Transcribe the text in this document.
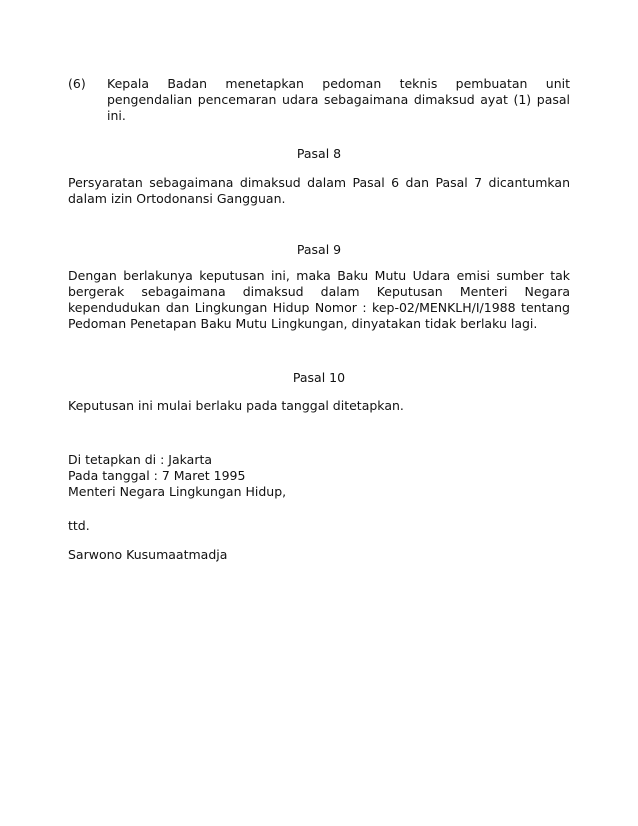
(6)	Kepala Badan menetapkan pedoman teknis pembuatan unit pengendalian pencemaran udara sebagaimana dimaksud ayat (1) pasal ini.
Pasal 8
Persyaratan sebagaimana dimaksud dalam Pasal 6 dan Pasal 7 dicantumkan dalam izin Ortodonansi Gangguan.
Pasal 9
Dengan berlakunya keputusan ini, maka Baku Mutu Udara emisi sumber tak bergerak sebagaimana dimaksud dalam Keputusan Menteri Negara kependudukan dan Lingkungan Hidup Nomor : kep-02/MENKLH/I/1988 tentang Pedoman Penetapan Baku Mutu Lingkungan, dinyatakan tidak berlaku lagi.
Pasal 10
Keputusan ini mulai berlaku pada tanggal ditetapkan.
Di tetapkan di : Jakarta
Pada tanggal : 7 Maret 1995
Menteri Negara Lingkungan Hidup,
ttd.
Sarwono Kusumaatmadja
